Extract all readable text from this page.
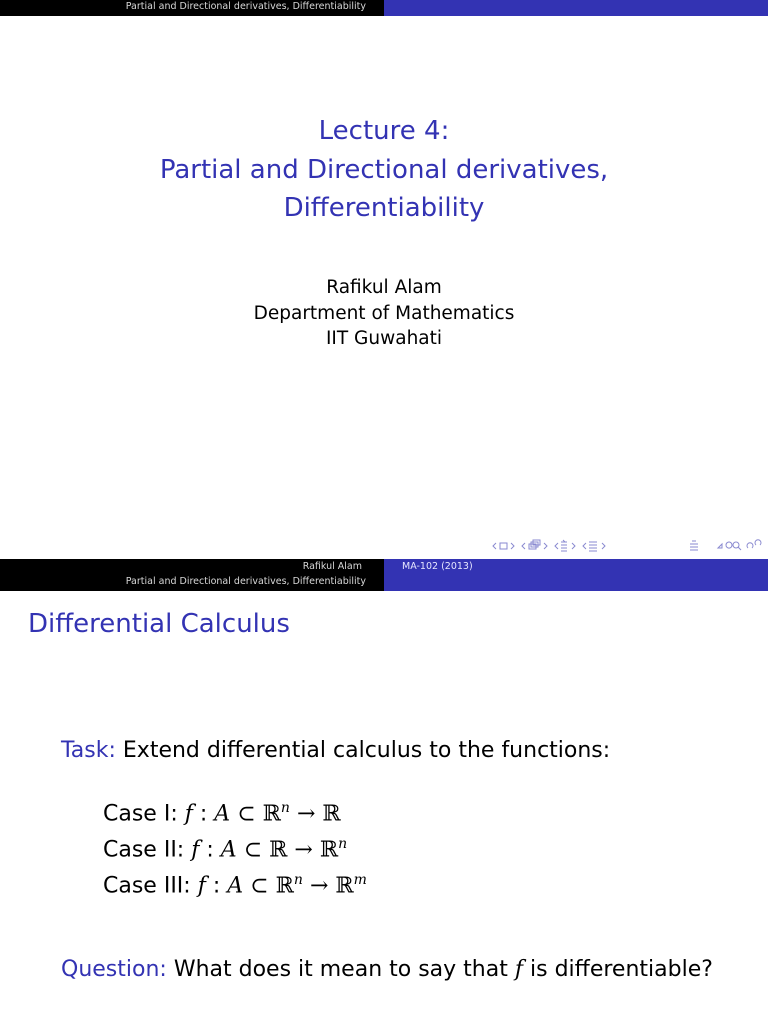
Partial and Directional derivatives, Differentiability
Lecture 4:
Partial and Directional derivatives,
Differentiability
Rafikul Alam
Department of Mathematics
IIT Guwahati
Rafikul Alam
Partial and Directional derivatives, Differentiability
MA-102 (2013)
Differential Calculus
Task: Extend differential calculus to the functions:
Case I: f : A ⊂ ℝ$^n$ → ℝ
Case II: f : A ⊂ ℝ → ℝ$^n$
Case III: f : A ⊂ ℝ$^n$ → ℝ$^m$
Question: What does it mean to say that f is differentiable?
